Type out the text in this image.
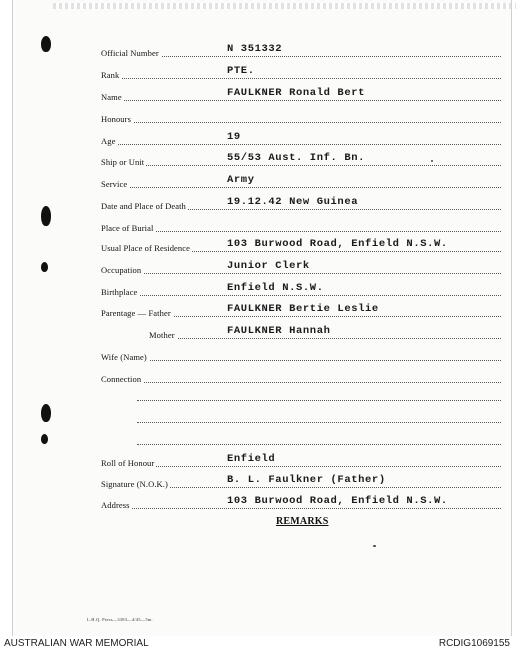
Official Number	N 351332
Rank	PTE.
Name	FAULKNER Ronald Bert
Honours
Age	19
Ship or Unit	55/53 Aust. Inf. Bn.
Service	Army
Date and Place of Death	19.12.42 New Guinea
Place of Burial
Usual Place of Residence	103 Burwood Road, Enfield N.S.W.
Occupation	Junior Clerk
Birthplace	Enfield N.S.W.
Parentage — Father	FAULKNER Bertie Leslie
Mother	FAULKNER Hannah
Wife (Name)
Connection
Roll of Honour	Enfield
Signature (N.O.K.)	B. L. Faulkner (Father)
Address	103 Burwood Road, Enfield N.S.W.
REMARKS
L.H.Q. Press—3383—4/45—5m.
AUSTRALIAN WAR MEMORIAL	RCDIG1069155
